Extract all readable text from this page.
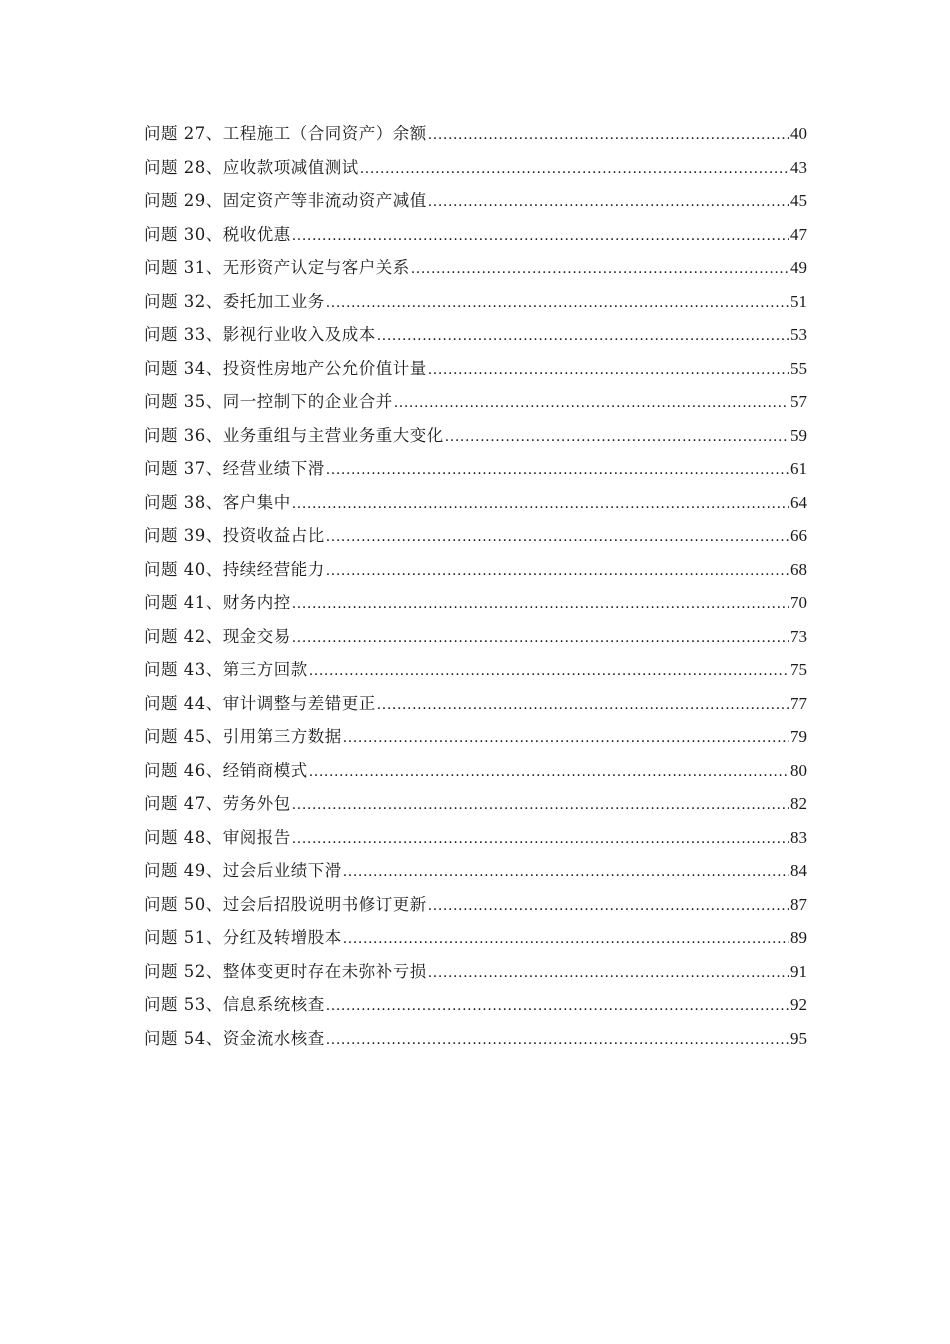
问题 27、工程施工（合同资产）余额 .....	40
问题 28、应收款项减值测试 .....	43
问题 29、固定资产等非流动资产减值 .....	45
问题 30、税收优惠 .....	47
问题 31、无形资产认定与客户关系 .....	49
问题 32、委托加工业务 .....	51
问题 33、影视行业收入及成本 .....	53
问题 34、投资性房地产公允价值计量 .....	55
问题 35、同一控制下的企业合并 .....	57
问题 36、业务重组与主营业务重大变化 .....	59
问题 37、经营业绩下滑 .....	61
问题 38、客户集中 .....	64
问题 39、投资收益占比 .....	66
问题 40、持续经营能力 .....	68
问题 41、财务内控 .....	70
问题 42、现金交易 .....	73
问题 43、第三方回款 .....	75
问题 44、审计调整与差错更正 .....	77
问题 45、引用第三方数据 .....	79
问题 46、经销商模式 .....	80
问题 47、劳务外包 .....	82
问题 48、审阅报告 .....	83
问题 49、过会后业绩下滑 .....	84
问题 50、过会后招股说明书修订更新 .....	87
问题 51、分红及转增股本 .....	89
问题 52、整体变更时存在未弥补亏损 .....	91
问题 53、信息系统核查 .....	92
问题 54、资金流水核查 .....	95
